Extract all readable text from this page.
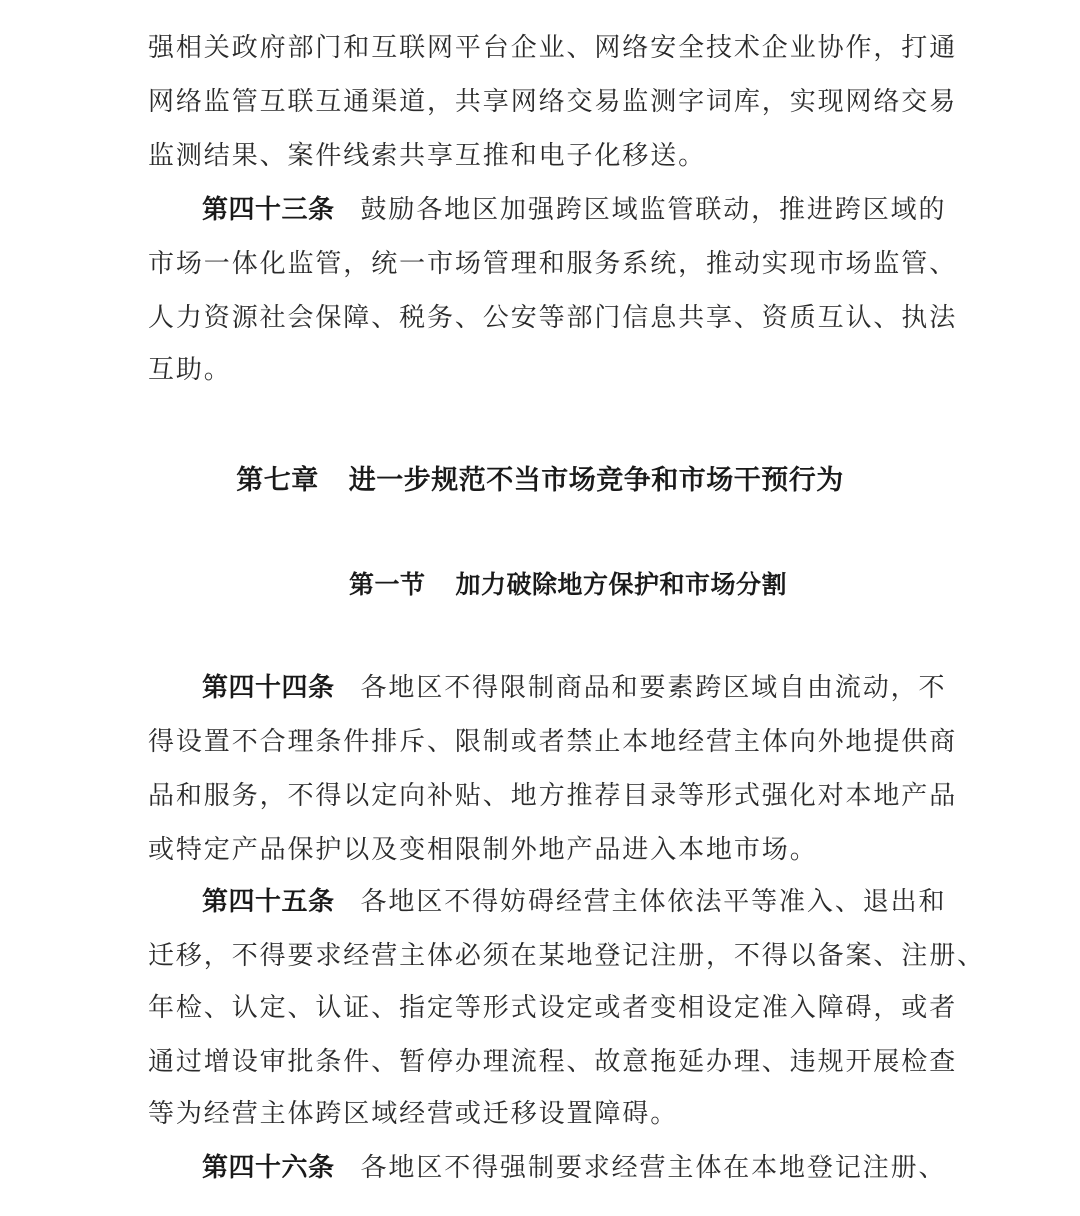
强相关政府部门和互联网平台企业、网络安全技术企业协作，打通
网络监管互联互通渠道，共享网络交易监测字词库，实现网络交易
监测结果、案件线索共享互推和电子化移送。
第四十三条 鼓励各地区加强跨区域监管联动，推进跨区域的
市场一体化监管，统一市场管理和服务系统，推动实现市场监管、
人力资源社会保障、税务、公安等部门信息共享、资质互认、执法
互助。
第七章 进一步规范不当市场竞争和市场干预行为
第一节 加力破除地方保护和市场分割
第四十四条 各地区不得限制商品和要素跨区域自由流动，不
得设置不合理条件排斥、限制或者禁止本地经营主体向外地提供商
品和服务，不得以定向补贴、地方推荐目录等形式强化对本地产品
或特定产品保护以及变相限制外地产品进入本地市场。
第四十五条 各地区不得妨碍经营主体依法平等准入、退出和
迁移，不得要求经营主体必须在某地登记注册，不得以备案、注册、
年检、认定、认证、指定等形式设定或者变相设定准入障碍，或者
通过增设审批条件、暂停办理流程、故意拖延办理、违规开展检查
等为经营主体跨区域经营或迁移设置障碍。
第四十六条 各地区不得强制要求经营主体在本地登记注册、
